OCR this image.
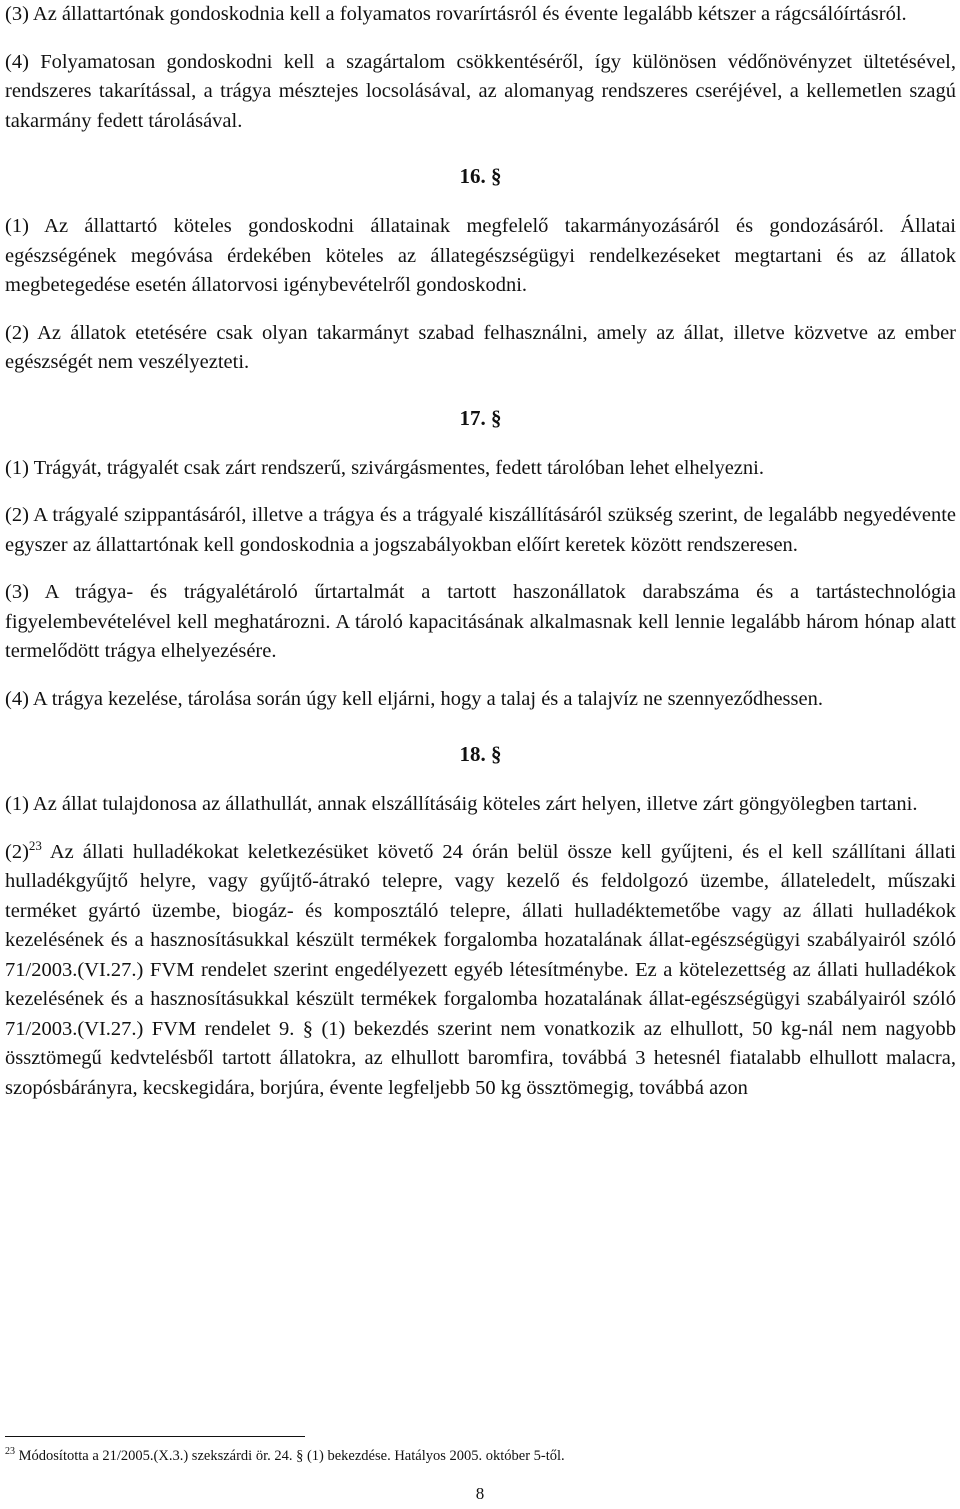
(3) Az állattartónak gondoskodnia kell a folyamatos rovarírtásról és évente legalább kétszer a rágcsálóírtásról.

(4) Folyamatosan gondoskodni kell a szagártalom csökkentéséről, így különösen védőnövényzet ültetésével, rendszeres takarítással, a trágya mésztejes locsolásával, az alomanyag rendszeres cseréjével, a kellemetlen szagú takarmány fedett tárolásával.

16. §

(1) Az állattartó köteles gondoskodni állatainak megfelelő takarmányozásáról és gondozásáról. Állatai egészségének megóvása érdekében köteles az állategészségügyi rendelkezéseket megtartani és az állatok megbetegedése esetén állatorvosi igénybevételről gondoskodni.

(2) Az állatok etetésére csak olyan takarmányt szabad felhasználni, amely az állat, illetve közvetve az ember egészségét nem veszélyezteti.

17. §

(1) Trágyát, trágyalét csak zárt rendszerű, szivárgásmentes, fedett tárolóban lehet elhelyezni.

(2) A trágyalé szippantásáról, illetve a trágya és a trágyalé kiszállításáról szükség szerint, de legalább negyedévente egyszer az állattartónak kell gondoskodnia a jogszabályokban előírt keretek között rendszeresen.

(3) A trágya- és trágyalétároló űrtartalmát a tartott haszonállatok darabszáma és a tartástechnológia figyelembevételével kell meghatározni. A tároló kapacitásának alkalmasnak kell lennie legalább három hónap alatt termelődött trágya elhelyezésére.

(4) A trágya kezelése, tárolása során úgy kell eljárni, hogy a talaj és a talajvíz ne szennyeződhessen.

18. §

(1) Az állat tulajdonosa az állathullát, annak elszállításáig köteles zárt helyen, illetve zárt göngyölegben tartani.

$(2)^{23}$ Az állati hulladékokat keletkezésüket követő 24 órán belül össze kell gyűjteni, és el kell szállítani állati hulladékgyűjtő helyre, vagy gyűjtő-átrakó telepre, vagy kezelő és feldolgozó üzembe, állateledelt, műszaki terméket gyártó üzembe, biogáz- és komposztáló telepre, állati hulladéktemetőbe vagy az állati hulladékok kezelésének és a hasznosításukkal készült termékek forgalomba hozatalának állat-egészségügyi szabályairól szóló 71/2003.(VI.27.) FVM rendelet szerint engedélyezett egyéb létesítménybe. Ez a kötelezettség az állati hulladékok kezelésének és a hasznosításukkal készült termékek forgalomba hozatalának állat-egészségügyi szabályairól szóló 71/2003.(VI.27.) FVM rendelet 9. § (1) bekezdés szerint nem vonatkozik az elhullott, 50 kg-nál nem nagyobb össztömegű kedvtelésből tartott állatokra, az elhullott baromfira, továbbá 3 hetesnél fiatalabb elhullott malacra, szopósbárányra, kecskegidára, borjúra, évente legfeljebb 50 kg össztömegig, továbbá azon

$^{23}$ Módosította a 21/2005.(X.3.) szekszárdi ör. 24. § (1) bekezdése. Hatályos 2005. október 5-től.
8
